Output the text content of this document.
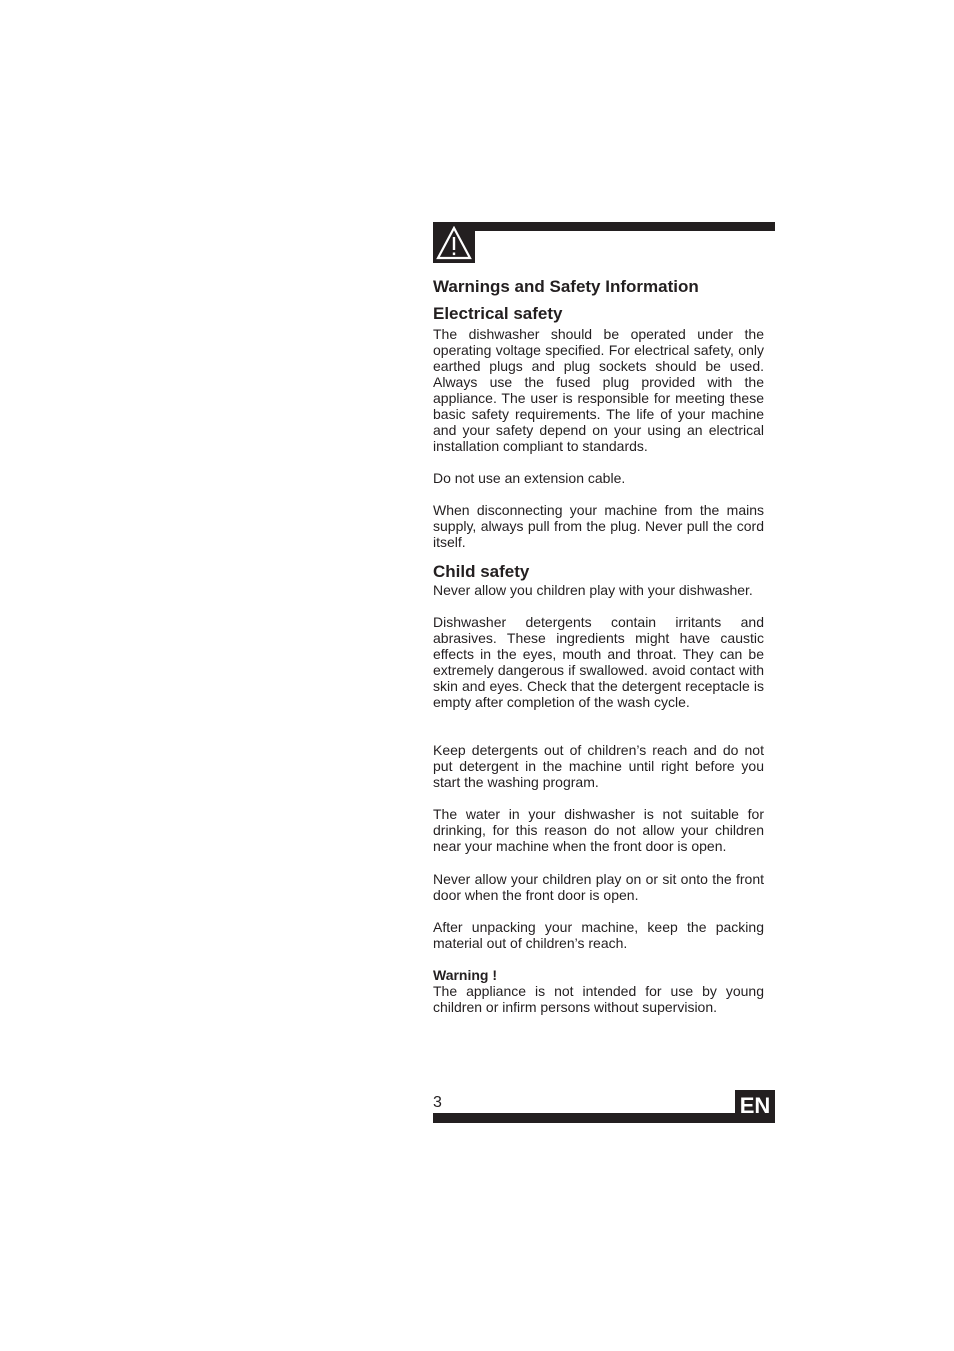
Warnings and Safety Information

Electrical safety

The dishwasher should be operated under the operating voltage specified. For electrical safety, only earthed plugs and plug sockets should be used. Always use the fused plug provided with the appliance. The user is responsible for meeting these basic safety requirements. The life of your machine and your safety depend on your using an electrical installation compliant to standards.

Do not use an extension cable.

When disconnecting your machine from the mains supply, always pull from the plug. Never pull the cord itself.

Child safety

Never allow you children play with your dishwasher.

Dishwasher detergents contain irritants and abrasives. These ingredients might have caustic effects in the eyes, mouth and throat. They can be extremely dangerous if swallowed. avoid contact with skin and eyes. Check that the detergent receptacle is empty after completion of the wash cycle.

Keep detergents out of children’s reach and do not put detergent in the machine until right before you start the washing program.

The water in your dishwasher is not suitable for drinking, for this reason do not allow your children near your machine when the front door is open.

Never allow your children play on or sit onto the front door when the front door is open.

After unpacking your machine, keep the packing material out of children’s reach.

Warning !

The appliance is not intended for use by young children or infirm persons without supervision.

3	EN
